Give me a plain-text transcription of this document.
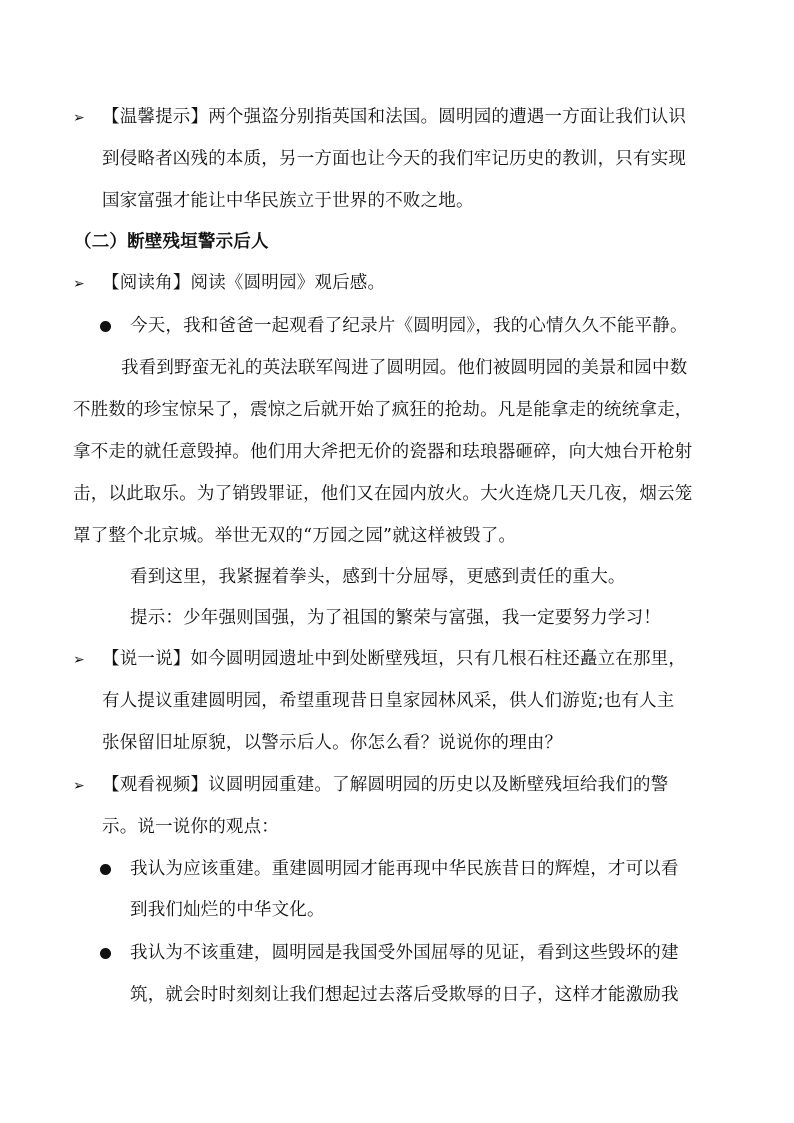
➢ 【温馨提示】两个强盗分别指英国和法国。圆明园的遭遇一方面让我们认识
到侵略者凶残的本质，另一方面也让今天的我们牢记历史的教训，只有实现
国家富强才能让中华民族立于世界的不败之地。
（二）断壁残垣警示后人
➢ 【阅读角】阅读《圆明园》观后感。
今天，我和爸爸一起观看了纪录片《圆明园》，我的心情久久不能平静。
我看到野蛮无礼的英法联军闯进了圆明园。他们被圆明园的美景和园中数
不胜数的珍宝惊呆了，震惊之后就开始了疯狂的抢劫。凡是能拿走的统统拿走，
拿不走的就任意毁掉。他们用大斧把无价的瓷器和珐琅器砸碎，向大烛台开枪射
击，以此取乐。为了销毁罪证，他们又在园内放火。大火连烧几天几夜，烟云笼
罩了整个北京城。举世无双的“万园之园”就这样被毁了。
看到这里，我紧握着拳头，感到十分屈辱，更感到责任的重大。
提示：少年强则国强，为了祖国的繁荣与富强，我一定要努力学习！
➢ 【说一说】如今圆明园遗址中到处断壁残垣，只有几根石柱还矗立在那里，
有人提议重建圆明园，希望重现昔日皇家园林风采，供人们游览;也有人主
张保留旧址原貌，以警示后人。你怎么看？说说你的理由？
➢ 【观看视频】议圆明园重建。了解圆明园的历史以及断壁残垣给我们的警
示。说一说你的观点：
我认为应该重建。重建圆明园才能再现中华民族昔日的辉煌，才可以看
到我们灿烂的中华文化。
我认为不该重建，圆明园是我国受外国屈辱的见证，看到这些毁坏的建
筑，就会时时刻刻让我们想起过去落后受欺辱的日子，这样才能激励我
